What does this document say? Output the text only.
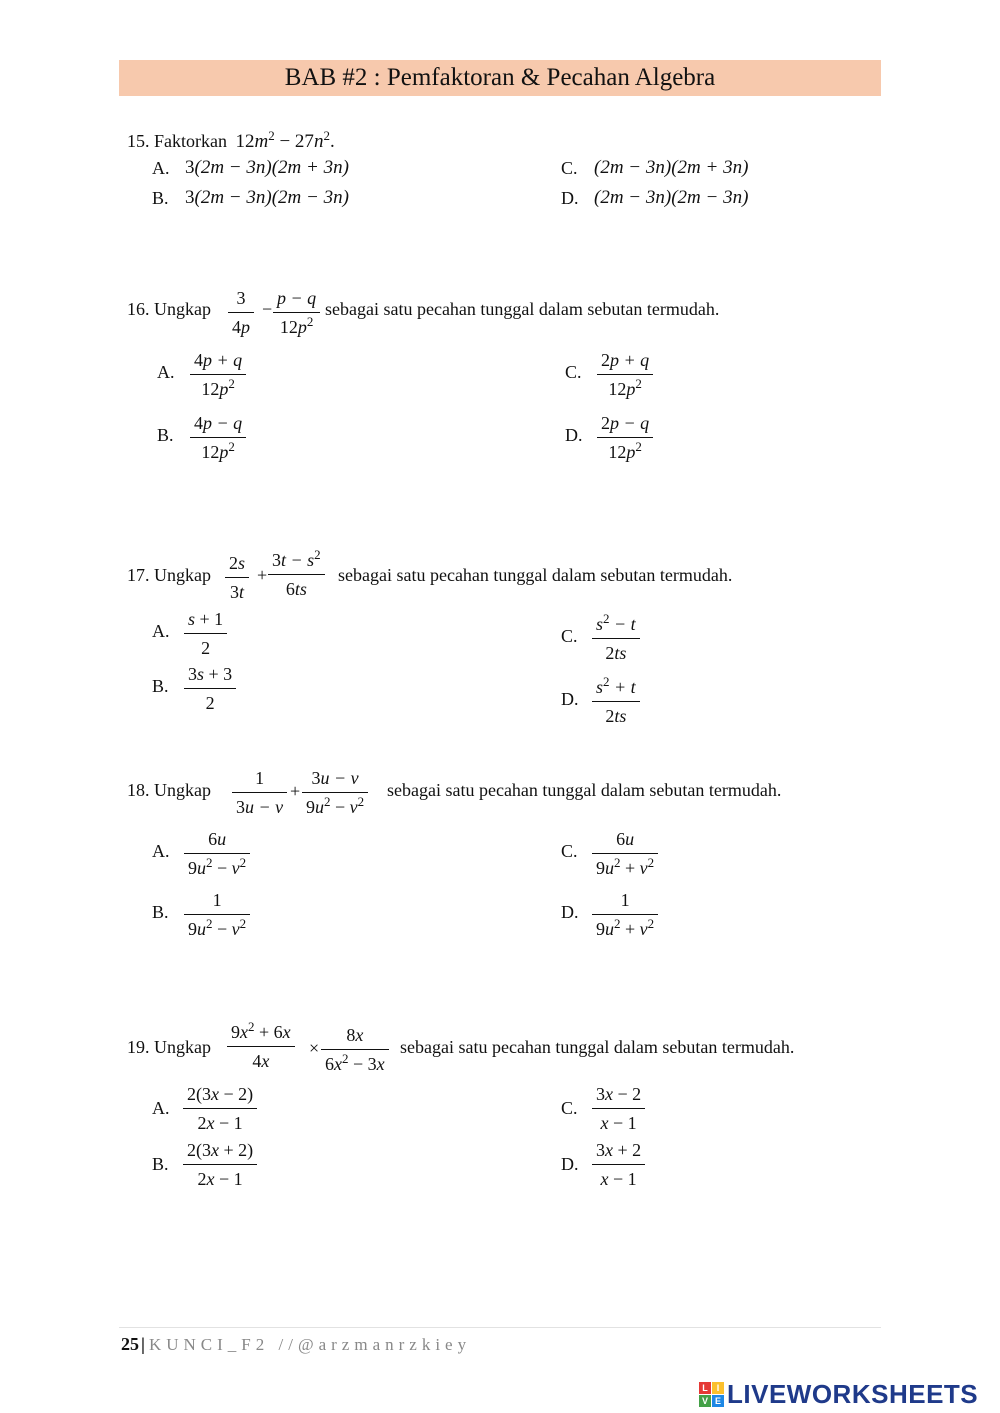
BAB #2 : Pemfaktoran & Pecahan Algebra
15. Faktorkan $12m^2 - 27n^2$.
A. 3(2m − 3n)(2m + 3n)
B. 3(2m − 3n)(2m − 3n)
C. (2m − 3n)(2m + 3n)
D. (2m − 3n)(2m − 3n)
16. Ungkap
3
4p
−
p − q
$12p^2$
sebagai satu pecahan tunggal dalam sebutan termudah.
A.
4p + q
$12p^2$
B.
4p − q
$12p^2$
C.
2p + q
$12p^2$
D.
2p − q
$12p^2$
17. Ungkap
2s
3t
+
$3t - s^2$
6ts
sebagai satu pecahan tunggal dalam sebutan termudah.
A.
s + 1
2
B.
3s + 3
2
C.
$s^2 - t$
2ts
D.
$s^2 + t$
2ts
18. Ungkap
1
3u − v
+
3u − v
$9u^2 - v^2$
sebagai satu pecahan tunggal dalam sebutan termudah.
A.
6u
$9u^2 - v^2$
B.
1
$9u^2 - v^2$
C.
6u
$9u^2 + v^2$
D.
1
$9u^2 + v^2$
19. Ungkap
$9x^2 + 6x$
4x
×
8x
$6x^2 - 3x$
sebagai satu pecahan tunggal dalam sebutan termudah.
A.
2(3x − 2)
2x − 1
B.
2(3x + 2)
2x − 1
C.
3x − 2
x − 1
D.
3x + 2
x − 1
25 | KUNCI_F2 //@arzmanrzkiey
L I
V E LIVEWORKSHEETS
